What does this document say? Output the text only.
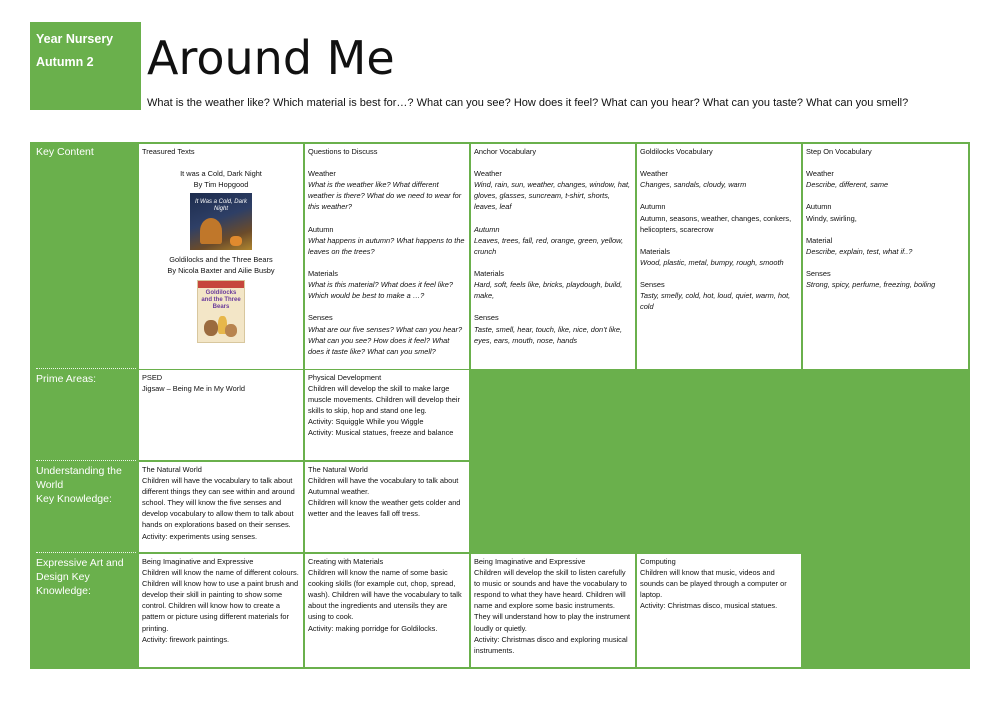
Year Nursery
Autumn 2 Around Me
What is the weather like? Which material is best for…? What can you see? How does it feel? What can you hear? What can you taste? What can you smell?
Key Content
Prime Areas:
Understanding the
World
Key Knowledge:
Expressive Art and
Design Key
Knowledge:
Treasured Texts
It was a Cold, Dark Night
By Tim Hopgood
It Was a Cold, Dark Night
Goldilocks and the Three Bears
By Nicola Baxter and Ailie Busby
Goldilocks and the Three Bears
Questions to Discuss
Weather
What is the weather like? What different weather is there? What do we need to wear for this weather?
Autumn
What happens in autumn? What happens to the leaves on the trees?
Materials
What is this material? What does it feel like? Which would be best to make a …?
Senses
What are our five senses? What can you hear? What can you see? How does it feel? What does it taste like? What can you smell?
Anchor Vocabulary
Weather
Wind, rain, sun, weather, changes, window, hat, gloves, glasses, suncream, t-shirt, shorts, leaves, leaf
Autumn
Leaves, trees, fall, red, orange, green, yellow, crunch
Materials
Hard, soft, feels like, bricks, playdough, build, make,
Senses
Taste, smell, hear, touch, like, nice, don’t like, eyes, ears, mouth, nose, hands
Goldilocks Vocabulary
Weather
Changes, sandals, cloudy, warm
Autumn
Autumn, seasons, weather, changes, conkers, helicopters, scarecrow
Materials
Wood, plastic, metal, bumpy, rough, smooth
Senses
Tasty, smelly, cold, hot, loud, quiet, warm, hot, cold
Step On Vocabulary
Weather
Describe, different, same
Autumn
Windy, swirling,
Material
Describe, explain, test, what if..?
Senses
Strong, spicy, perfume, freezing, boiling
PSED
Jigsaw – Being Me in My World
Physical Development
Children will develop the skill to make large muscle movements. Children will develop their skills to skip, hop and stand one leg.
Activity: Squiggle While you Wiggle
Activity: Musical statues, freeze and balance
The Natural World
Children will have the vocabulary to talk about different things they can see within and around school. They will know the five senses and develop vocabulary to allow them to talk about hands on explorations based on their senses.
Activity: experiments using senses.
The Natural World
Children will have the vocabulary to talk about Autumnal weather.
Children will know the weather gets colder and wetter and the leaves fall off tress.
Being Imaginative and Expressive
Children will know the name of different colours. Children will know how to use a paint brush and develop their skill in painting to show some control. Children will know how to create a pattern or picture using different materials for printing.
Activity: firework paintings.
Creating with Materials
Children will know the name of some basic cooking skills (for example cut, chop, spread, wash). Children will have the vocabulary to talk about the ingredients and utensils they are using to cook.
Activity: making porridge for Goldilocks.
Being Imaginative and Expressive
Children will develop the skill to listen carefully to music or sounds and have the vocabulary to respond to what they have heard. Children will name and explore some basic instruments. They will understand how to play the instrument loudly or quietly.
Activity: Christmas disco and exploring musical instruments.
Computing
Children will know that music, videos and sounds can be played through a computer or laptop.
Activity: Christmas disco, musical statues.
